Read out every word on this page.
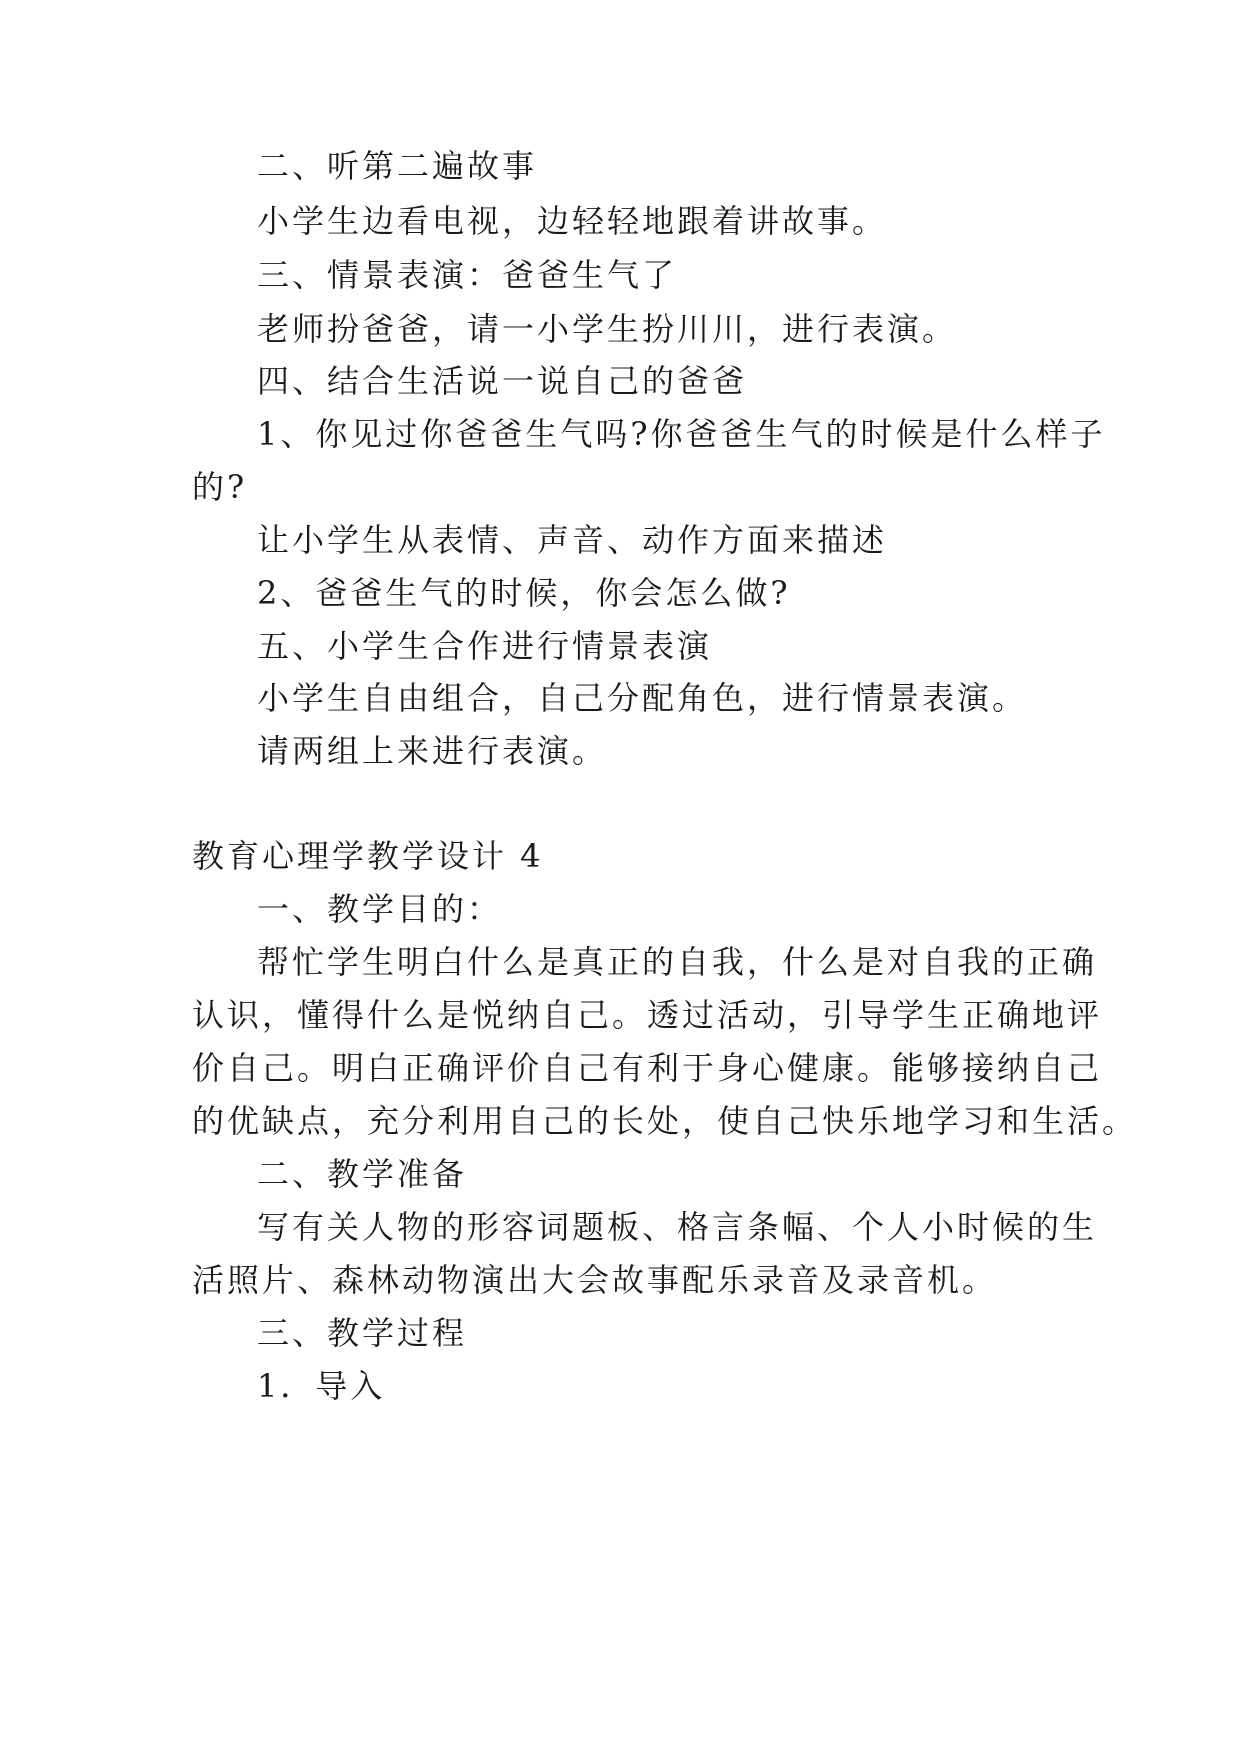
二、听第二遍故事
小学生边看电视，边轻轻地跟着讲故事。
三、情景表演：爸爸生气了
老师扮爸爸，请一小学生扮川川，进行表演。
四、结合生活说一说自己的爸爸
1、你见过你爸爸生气吗?你爸爸生气的时候是什么样子
的?
让小学生从表情、声音、动作方面来描述
2、爸爸生气的时候，你会怎么做?
五、小学生合作进行情景表演
小学生自由组合，自己分配角色，进行情景表演。
请两组上来进行表演。
教育心理学教学设计 4
一、教学目的：
帮忙学生明白什么是真正的自我，什么是对自我的正确
认识，懂得什么是悦纳自己。透过活动，引导学生正确地评
价自己。明白正确评价自己有利于身心健康。能够接纳自己
的优缺点，充分利用自己的长处，使自己快乐地学习和生活。
二、教学准备
写有关人物的形容词题板、格言条幅、个人小时候的生
活照片、森林动物演出大会故事配乐录音及录音机。
三、教学过程
1．导入
